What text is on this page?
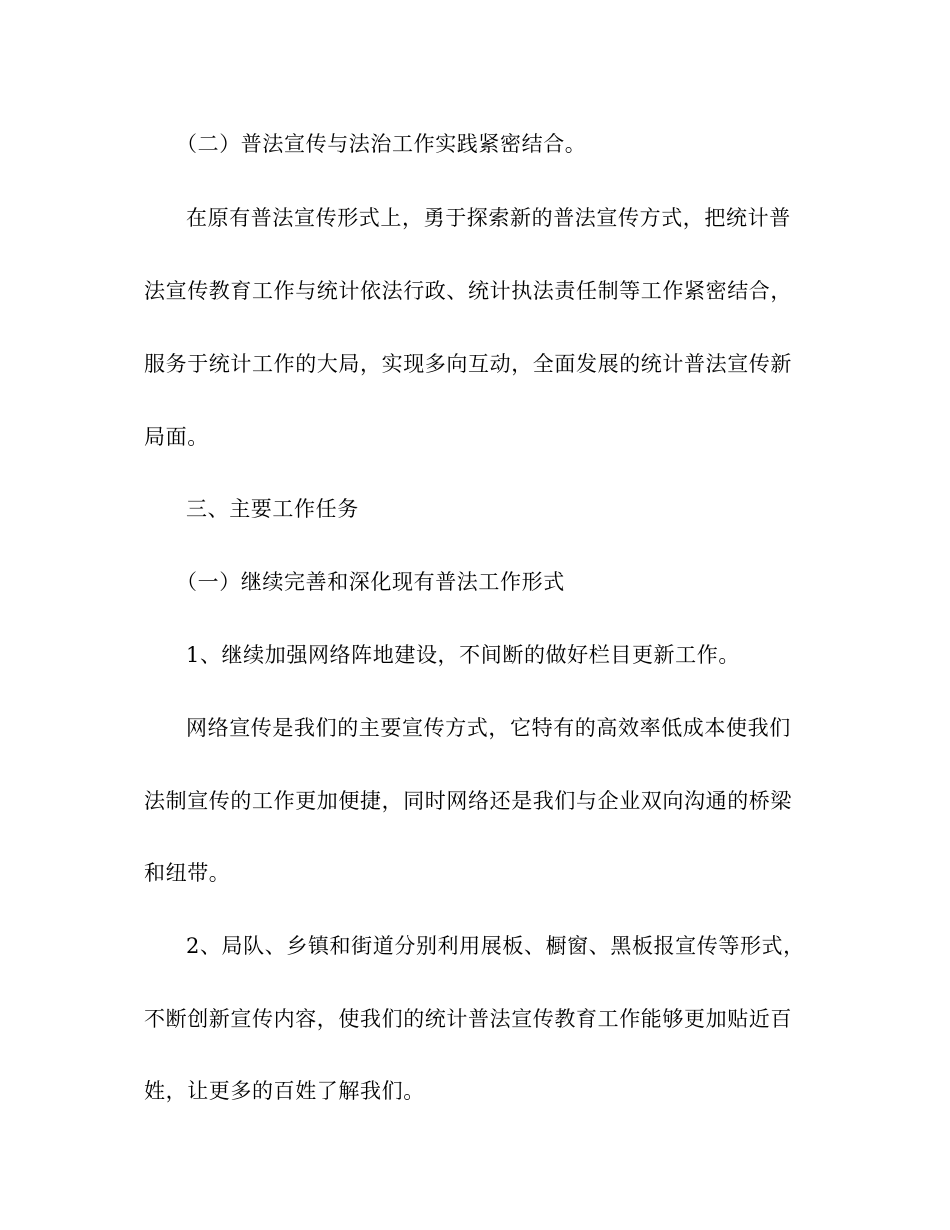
（二）普法宣传与法治工作实践紧密结合。
在原有普法宣传形式上，勇于探索新的普法宣传方式，把统计普
法宣传教育工作与统计依法行政、统计执法责任制等工作紧密结合，
服务于统计工作的大局，实现多向互动，全面发展的统计普法宣传新
局面。
三、主要工作任务
（一）继续完善和深化现有普法工作形式
1、继续加强网络阵地建设，不间断的做好栏目更新工作。
网络宣传是我们的主要宣传方式，它特有的高效率低成本使我们
法制宣传的工作更加便捷，同时网络还是我们与企业双向沟通的桥梁
和纽带。
2、局队、乡镇和街道分别利用展板、橱窗、黑板报宣传等形式，
不断创新宣传内容，使我们的统计普法宣传教育工作能够更加贴近百
姓，让更多的百姓了解我们。
